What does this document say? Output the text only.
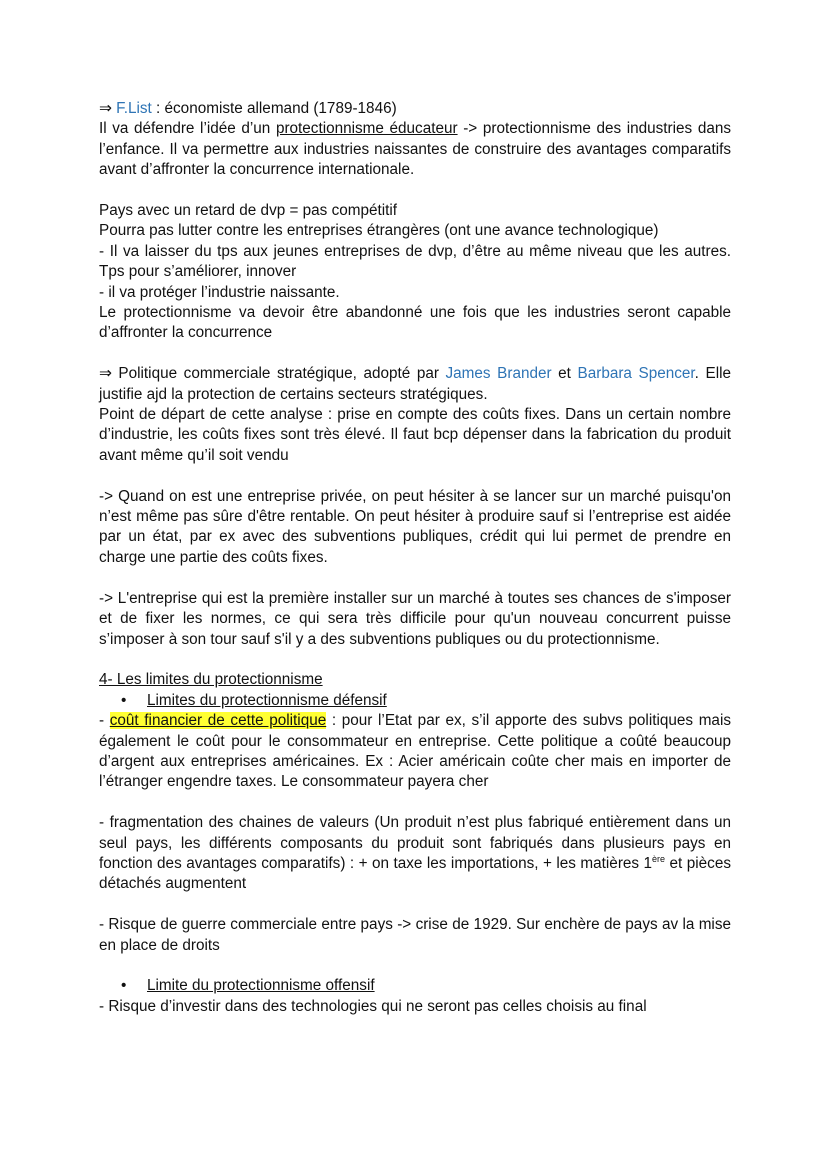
⇒ F.List : économiste allemand (1789-1846)

Il va défendre l’idée d’un protectionnisme éducateur -> protectionnisme des industries dans l’enfance. Il va permettre aux industries naissantes de construire des avantages comparatifs avant d’affronter la concurrence internationale.

Pays avec un retard de dvp = pas compétitif

Pourra pas lutter contre les entreprises étrangères (ont une avance technologique)

- Il va laisser du tps aux jeunes entreprises de dvp, d’être au même niveau que les autres. Tps pour s’améliorer, innover

- il va protéger l’industrie naissante.

Le protectionnisme va devoir être abandonné une fois que les industries seront capable d’affronter la concurrence

⇒ Politique commerciale stratégique, adopté par James Brander et Barbara Spencer. Elle justifie ajd la protection de certains secteurs stratégiques.

Point de départ de cette analyse : prise en compte des coûts fixes. Dans un certain nombre d’industrie, les coûts fixes sont très élevé. Il faut bcp dépenser dans la fabrication du produit avant même qu’il soit vendu

-> Quand on est une entreprise privée, on peut hésiter à se lancer sur un marché puisqu'on n’est même pas sûre d'être rentable. On peut hésiter à produire sauf si l’entreprise est aidée par un état, par ex avec des subventions publiques, crédit qui lui permet de prendre en charge une partie des coûts fixes.

-> L'entreprise qui est la première installer sur un marché à toutes ses chances de s'imposer et de fixer les normes, ce qui sera très difficile pour qu'un nouveau concurrent puisse s’imposer à son tour sauf s'il y a des subventions publiques ou du protectionnisme.

4- Les limites du protectionnisme

• Limites du protectionnisme défensif

- coût financier de cette politique : pour l’Etat par ex, s’il apporte des subvs politiques mais également le coût pour le consommateur en entreprise. Cette politique a coûté beaucoup d’argent aux entreprises américaines. Ex : Acier américain coûte cher mais en importer de l’étranger engendre taxes. Le consommateur payera cher

- fragmentation des chaines de valeurs (Un produit n’est plus fabriqué entièrement dans un seul pays, les différents composants du produit sont fabriqués dans plusieurs pays en fonction des avantages comparatifs) : + on taxe les importations, + les matières 1ère et pièces détachés augmentent

- Risque de guerre commerciale entre pays -> crise de 1929. Sur enchère de pays av la mise en place de droits

• Limite du protectionnisme offensif

- Risque d’investir dans des technologies qui ne seront pas celles choisis au final
